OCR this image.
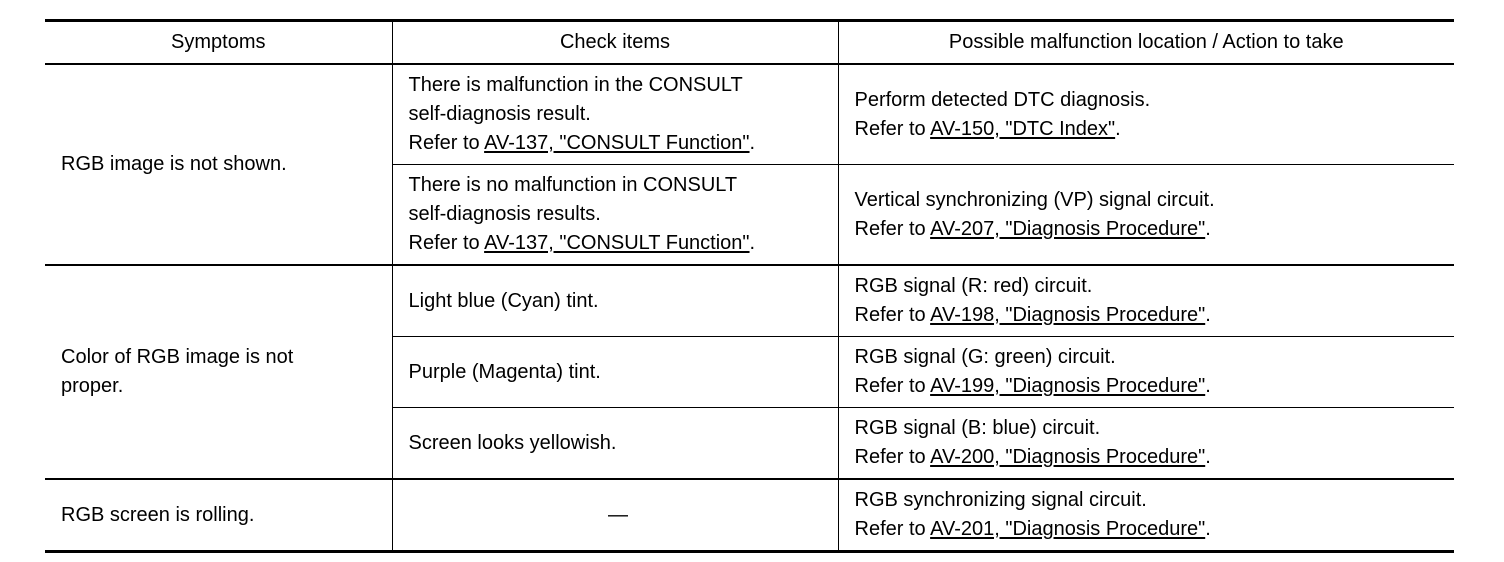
Symptoms	Check items	Possible malfunction location / Action to take

RGB image is not shown.	There is malfunction in the CONSULT
self-diagnosis result.
Refer to AV-137, "CONSULT Function".	Perform detected DTC diagnosis.
Refer to AV-150, "DTC Index".

	There is no malfunction in CONSULT
self-diagnosis results.
Refer to AV-137, "CONSULT Function".	Vertical synchronizing (VP) signal circuit.
Refer to AV-207, "Diagnosis Procedure".

Color of RGB image is not
proper.	Light blue (Cyan) tint.	RGB signal (R: red) circuit.
Refer to AV-198, "Diagnosis Procedure".

	Purple (Magenta) tint.	RGB signal (G: green) circuit.
Refer to AV-199, "Diagnosis Procedure".

	Screen looks yellowish.	RGB signal (B: blue) circuit.
Refer to AV-200, "Diagnosis Procedure".

RGB screen is rolling.	—	RGB synchronizing signal circuit.
Refer to AV-201, "Diagnosis Procedure".
